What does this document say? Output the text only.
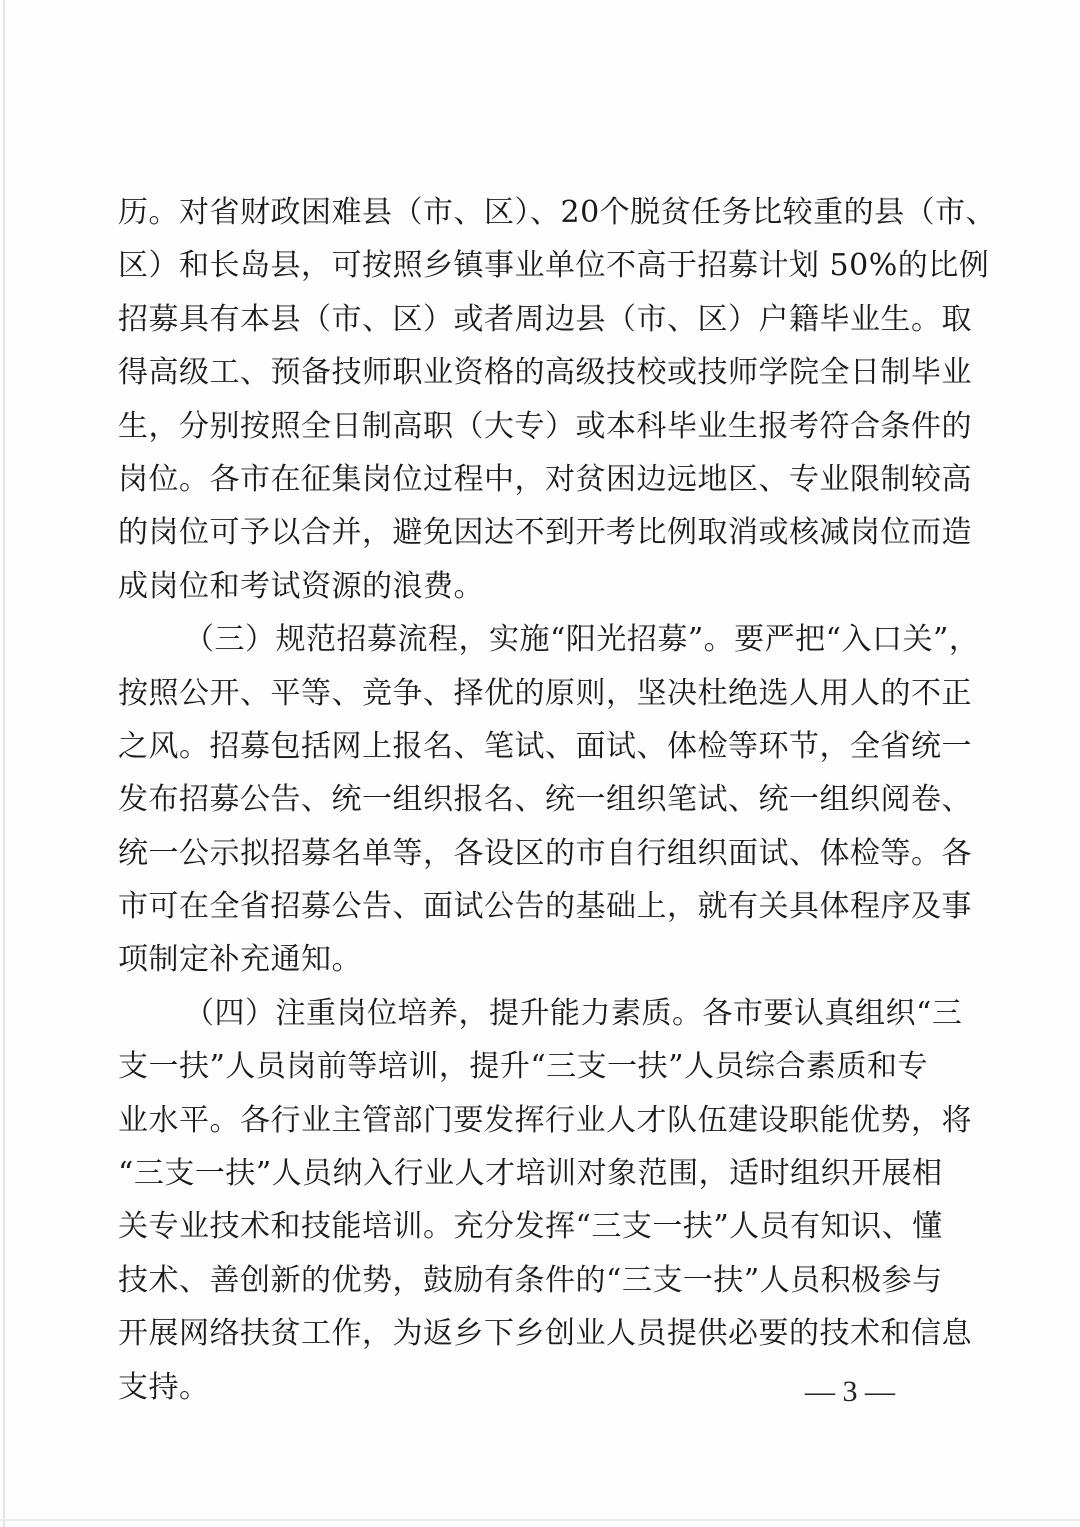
历。对省财政困难县（市、区）、20个脱贫任务比较重的县（市、
区）和长岛县，可按照乡镇事业单位不高于招募计划 50%的比例
招募具有本县（市、区）或者周边县（市、区）户籍毕业生。取
得高级工、预备技师职业资格的高级技校或技师学院全日制毕业
生，分别按照全日制高职（大专）或本科毕业生报考符合条件的
岗位。各市在征集岗位过程中，对贫困边远地区、专业限制较高
的岗位可予以合并，避免因达不到开考比例取消或核减岗位而造
成岗位和考试资源的浪费。
（三）规范招募流程，实施“阳光招募”。要严把“入口关”，
按照公开、平等、竞争、择优的原则，坚决杜绝选人用人的不正
之风。招募包括网上报名、笔试、面试、体检等环节，全省统一
发布招募公告、统一组织报名、统一组织笔试、统一组织阅卷、
统一公示拟招募名单等，各设区的市自行组织面试、体检等。各
市可在全省招募公告、面试公告的基础上，就有关具体程序及事
项制定补充通知。
（四）注重岗位培养，提升能力素质。各市要认真组织“三
支一扶”人员岗前等培训，提升“三支一扶”人员综合素质和专
业水平。各行业主管部门要发挥行业人才队伍建设职能优势，将
“三支一扶”人员纳入行业人才培训对象范围，适时组织开展相
关专业技术和技能培训。充分发挥“三支一扶”人员有知识、懂
技术、善创新的优势，鼓励有条件的“三支一扶”人员积极参与
开展网络扶贫工作，为返乡下乡创业人员提供必要的技术和信息
支持。	— 3 —
